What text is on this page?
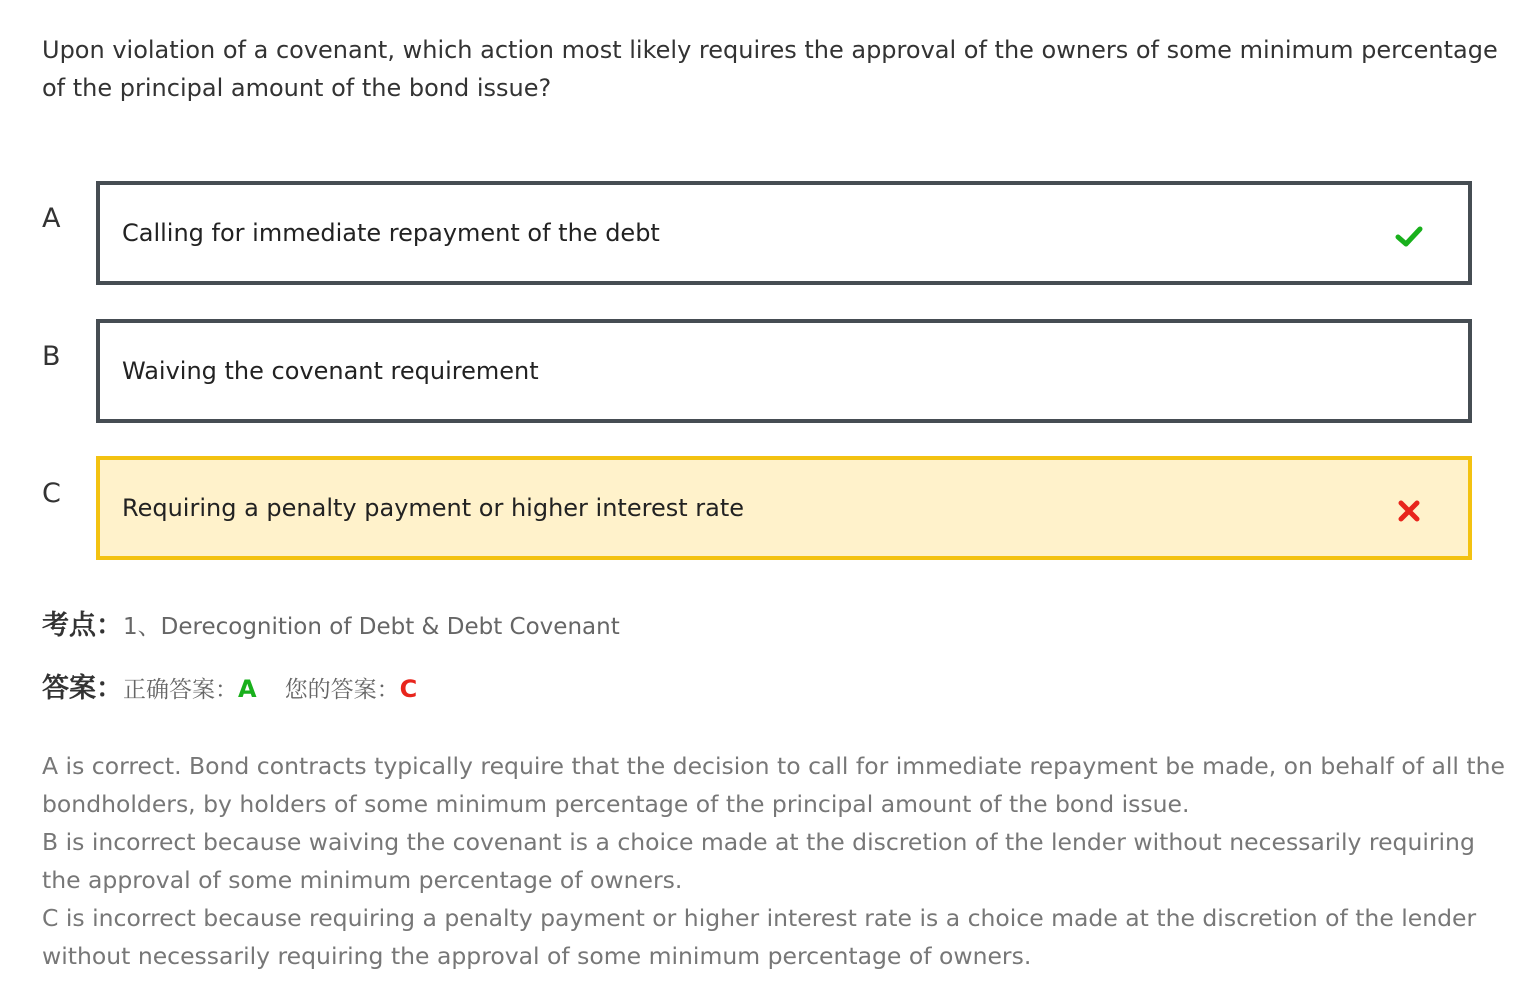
Upon violation of a covenant, which action most likely requires the approval of the owners of some minimum percentage of the principal amount of the bond issue?
A	Calling for immediate repayment of the debt
B	Waiving the covenant requirement
C	Requiring a penalty payment or higher interest rate
考点：1、Derecognition of Debt & Debt Covenant
答案：正确答案：A 您的答案：C

A is correct. Bond contracts typically require that the decision to call for immediate repayment be made, on behalf of all the bondholders, by holders of some minimum percentage of the principal amount of the bond issue.

B is incorrect because waiving the covenant is a choice made at the discretion of the lender without necessarily requiring the approval of some minimum percentage of owners.

C is incorrect because requiring a penalty payment or higher interest rate is a choice made at the discretion of the lender without necessarily requiring the approval of some minimum percentage of owners.
